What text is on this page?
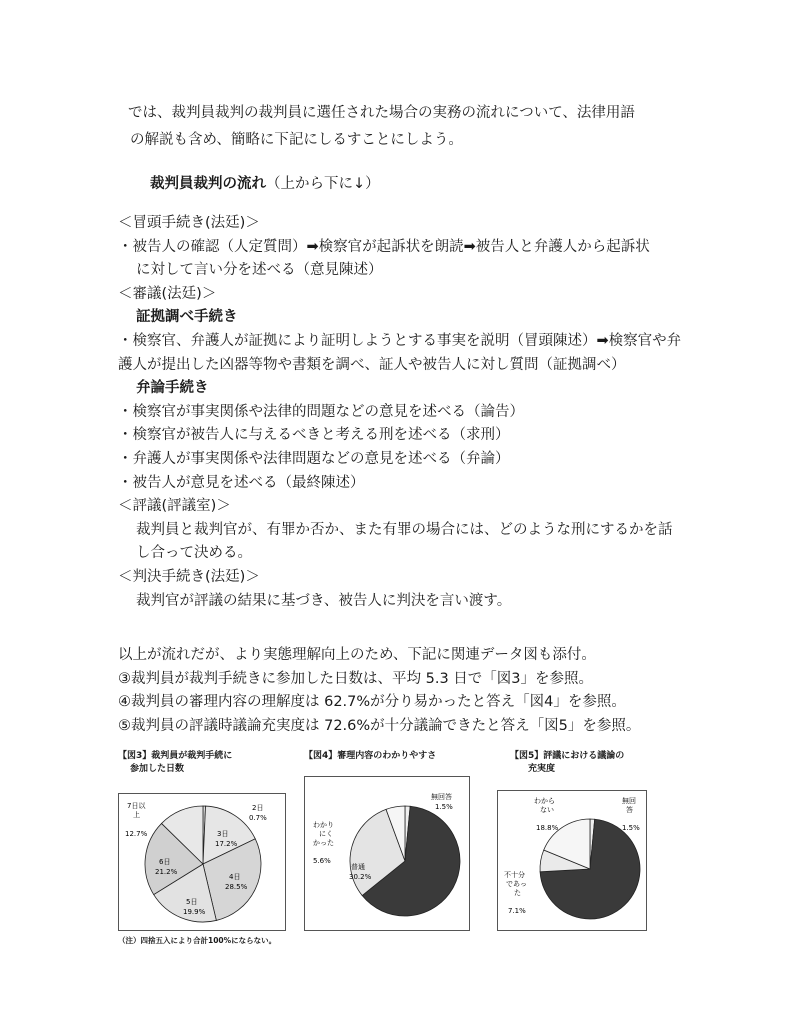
では、裁判員裁判の裁判員に選任された場合の実務の流れについて、法律用語
の解説も含め、簡略に下記にしるすことにしよう。
裁判員裁判の流れ（上から下に↓）
＜冒頭手続き(法廷)＞
・被告人の確認（人定質問）➡検察官が起訴状を朗読➡被告人と弁護人から起訴状
に対して言い分を述べる（意見陳述）
＜審議(法廷)＞
証拠調べ手続き
・検察官、弁護人が証拠により証明しようとする事実を説明（冒頭陳述）➡検察官や弁
護人が提出した凶器等物や書類を調べ、証人や被告人に対し質問（証拠調べ）
弁論手続き
・検察官が事実関係や法律的問題などの意見を述べる（論告）
・検察官が被告人に与えるべきと考える刑を述べる（求刑）
・弁護人が事実関係や法律問題などの意見を述べる（弁論）
・被告人が意見を述べる（最終陳述）
＜評議(評議室)＞
裁判員と裁判官が、有罪か否か、また有罪の場合には、どのような刑にするかを話
し合って決める。
＜判決手続き(法廷)＞
裁判官が評議の結果に基づき、被告人に判決を言い渡す。
以上が流れだが、より実態理解向上のため、下記に関連データ図も添付。
③裁判員が裁判手続きに参加した日数は、平均 5.3 日で「図3」を参照。
④裁判員の審理内容の理解度は 62.7%が分り易かったと答え「図4」を参照。
⑤裁判員の評議時議論充実度は 72.6%が十分議論できたと答え「図5」を参照。
【図3】裁判員が裁判手続に
参加した日数
2日
0.7%
3日
17.2%
4日
28.5%
5日
19.9%
6日
21.2%
7日以 上
12.7%
【図4】審理内容のわかりやすさ
無回答
1.5%
普通
30.2%
わかり にく かった
5.6%
【図5】評議における議論の
充実度
わから ない
18.8%
無回 答
1.5%
不十分 であっ た
7.1%
（注）四捨五入により合計100%にならない。
